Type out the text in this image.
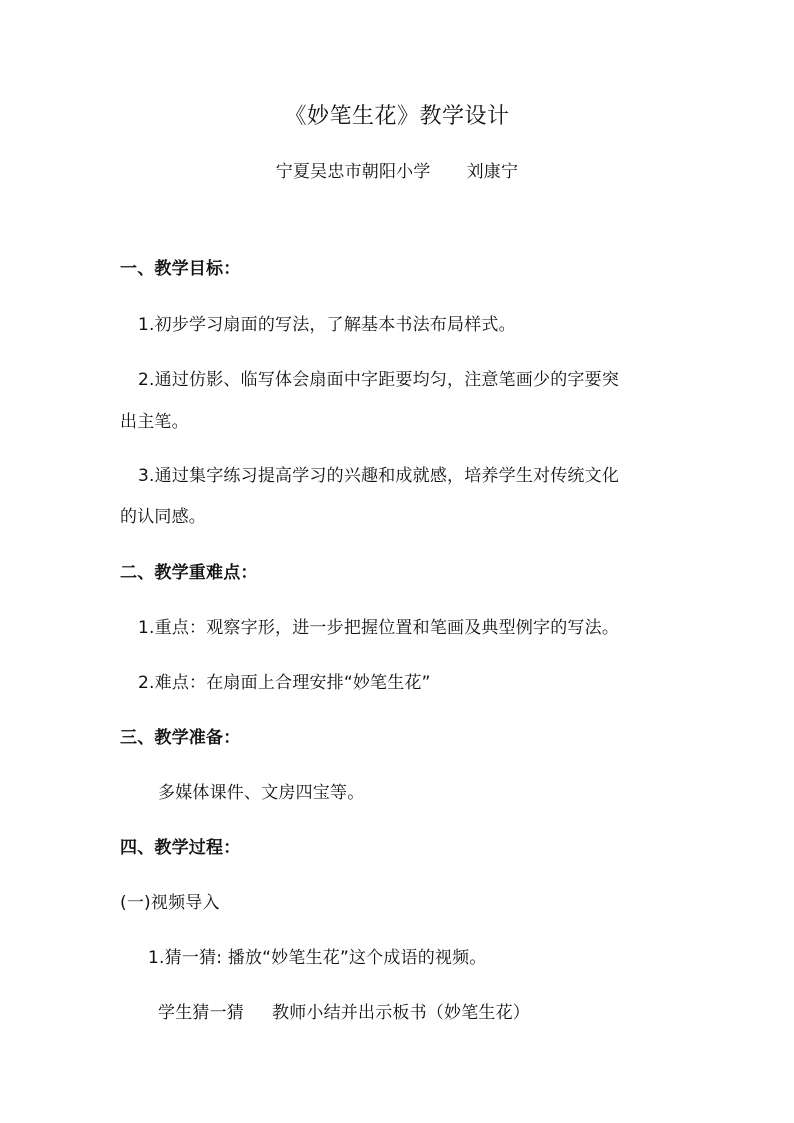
《妙笔生花》教学设计
宁夏吴忠市朝阳小学 刘康宁
一、教学目标：
1.初步学习扇面的写法，了解基本书法布局样式。
2.通过仿影、临写体会扇面中字距要均匀，注意笔画少的字要突
出主笔。
3.通过集字练习提高学习的兴趣和成就感，培养学生对传统文化
的认同感。
二、教学重难点：
1.重点：观察字形，进一步把握位置和笔画及典型例字的写法。
2.难点：在扇面上合理安排“妙笔生花”
三、教学准备：
多媒体课件、文房四宝等。
四、教学过程：
(一)视频导入
1.猜一猜: 播放“妙笔生花”这个成语的视频。
学生猜一猜 教师小结并出示板书（妙笔生花）
